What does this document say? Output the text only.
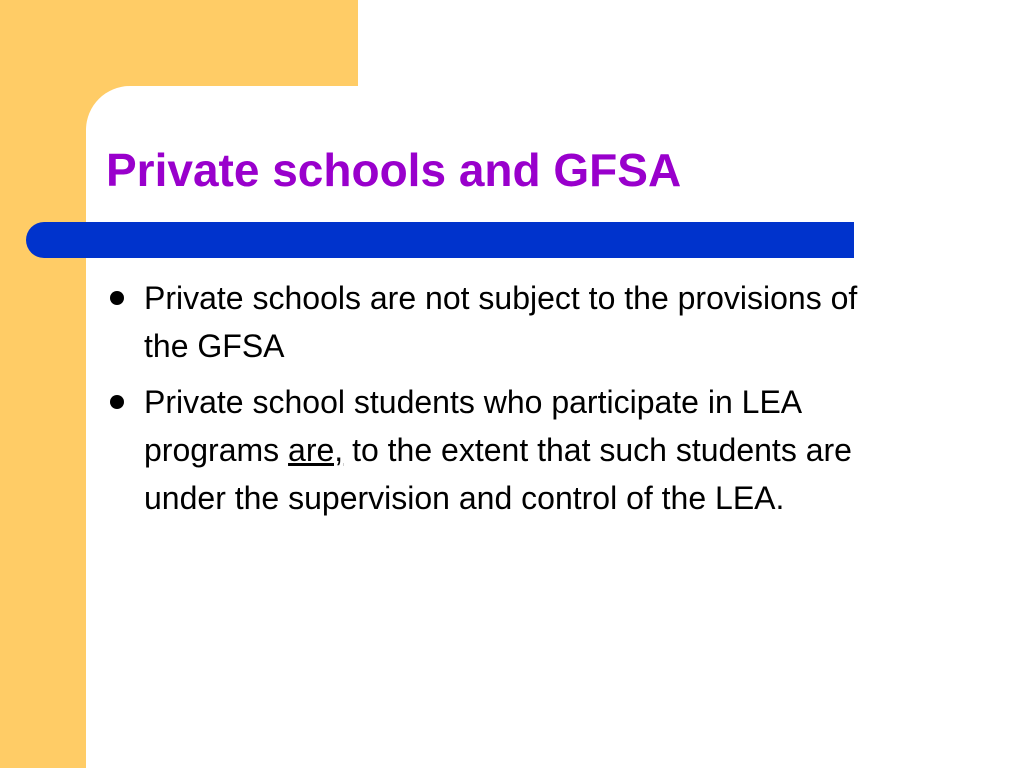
Private schools and GFSA
Private schools are not subject to the provisions of the GFSA
Private school students who participate in LEA programs are, to the extent that such students are under the supervision and control of the LEA.
